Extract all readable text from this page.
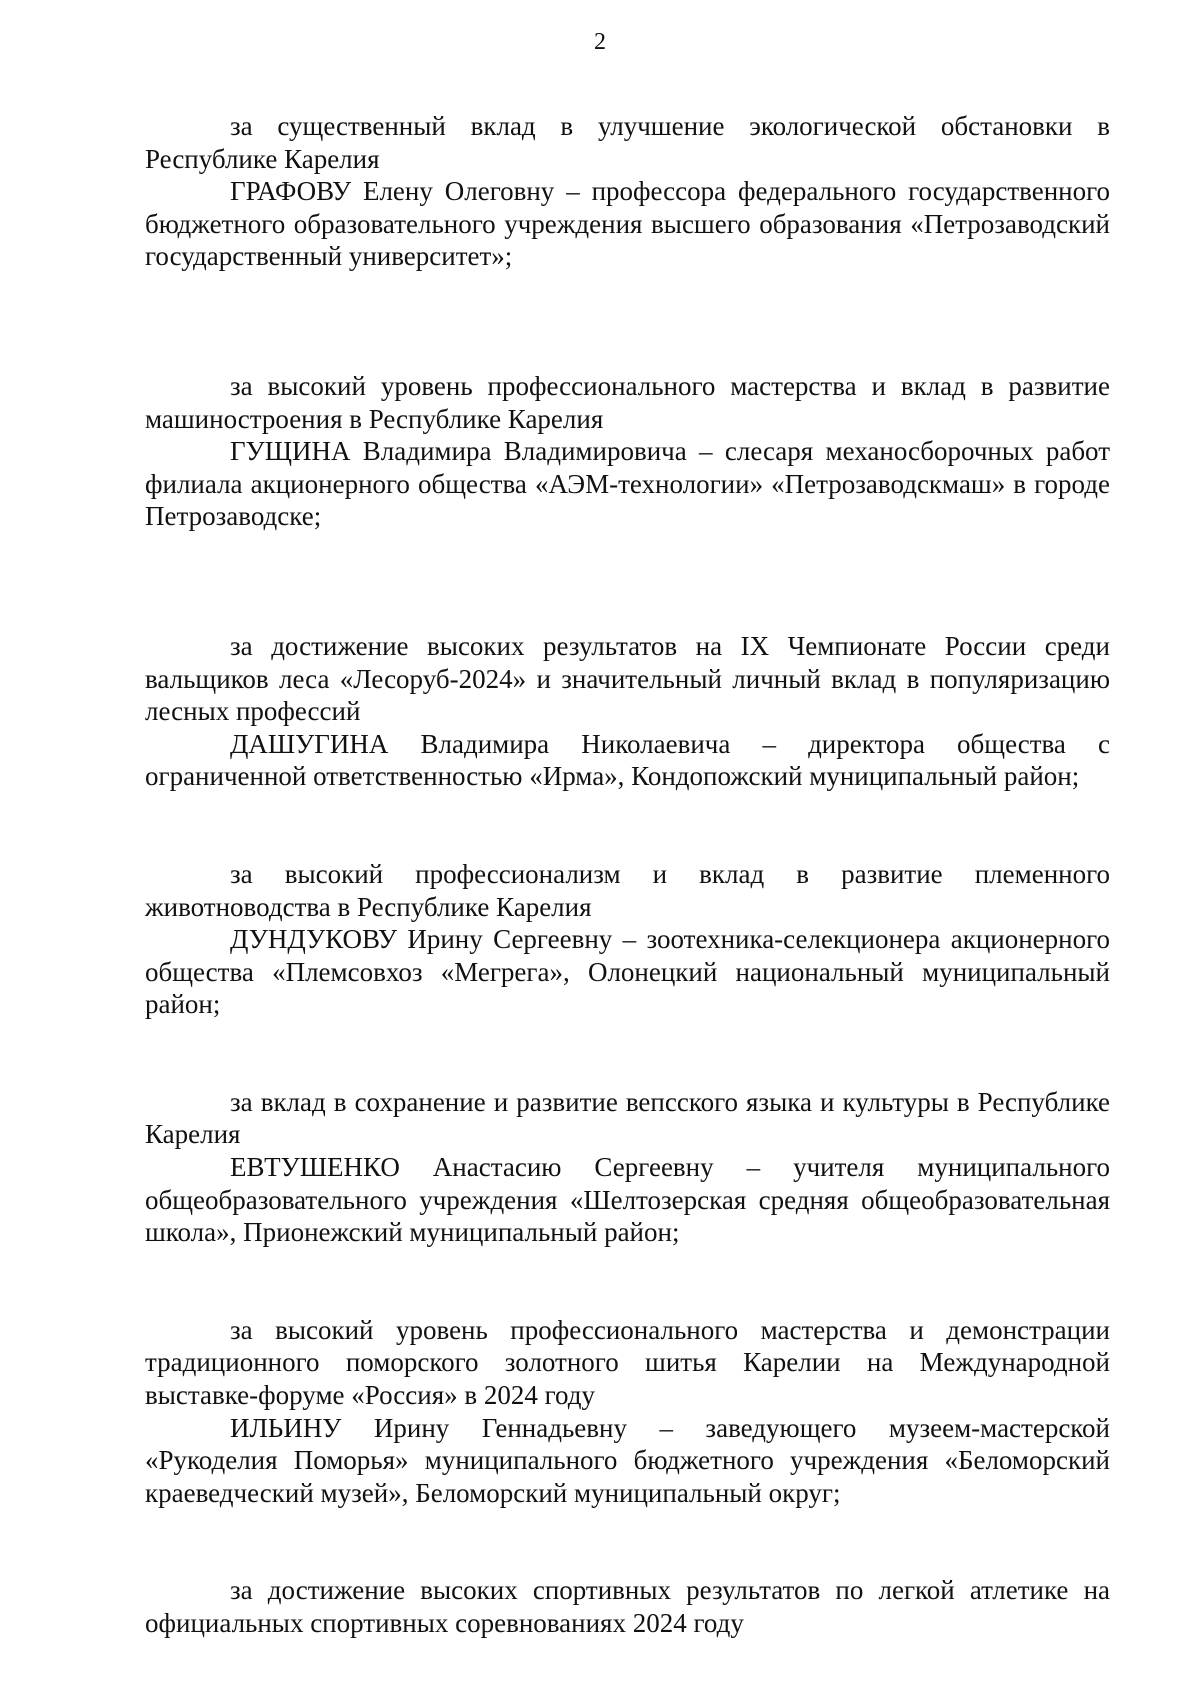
2

за существенный вклад в улучшение экологической обстановки в Республике Карелия

ГРАФОВУ Елену Олеговну – профессора федерального государственного бюджетного образовательного учреждения высшего образования «Петрозаводский государственный университет»;

за высокий уровень профессионального мастерства и вклад в развитие машиностроения в Республике Карелия

ГУЩИНА Владимира Владимировича – слесаря механосборочных работ филиала акционерного общества «АЭМ-технологии» «Петрозаводскмаш» в городе Петрозаводске;

за достижение высоких результатов на IX Чемпионате России среди вальщиков леса «Лесоруб-2024» и значительный личный вклад в популяризацию лесных профессий

ДАШУГИНА Владимира Николаевича – директора общества с ограниченной ответственностью «Ирма», Кондопожский муниципальный район;

за высокий профессионализм и вклад в развитие племенного животноводства в Республике Карелия

ДУНДУКОВУ Ирину Сергеевну – зоотехника-селекционера акционерного общества «Племсовхоз «Мегрега», Олонецкий национальный муниципальный район;

за вклад в сохранение и развитие вепсского языка и культуры в Республике Карелия

ЕВТУШЕНКО Анастасию Сергеевну – учителя муниципального общеобразовательного учреждения «Шелтозерская средняя общеобразовательная школа», Прионежский муниципальный район;

за высокий уровень профессионального мастерства и демонстрации традиционного поморского золотного шитья Карелии на Международной выставке-форуме «Россия» в 2024 году

ИЛЬИНУ Ирину Геннадьевну – заведующего музеем-мастерской «Рукоделия Поморья» муниципального бюджетного учреждения «Беломорский краеведческий музей», Беломорский муниципальный округ;

за достижение высоких спортивных результатов по легкой атлетике на официальных спортивных соревнованиях 2024 году
